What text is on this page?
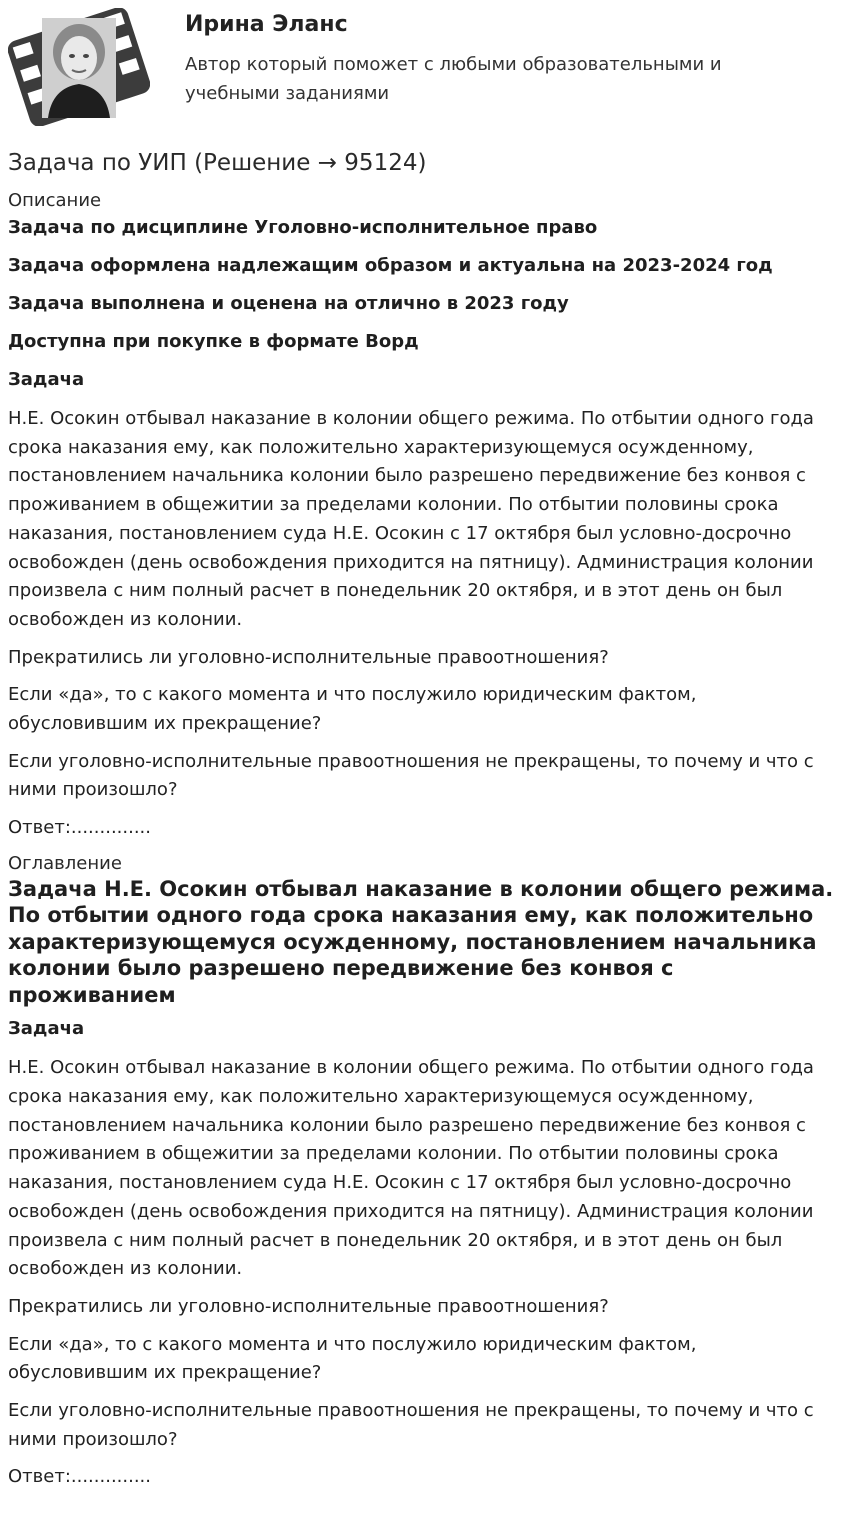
Ирина Эланс

Автор который поможет с любыми образовательными и учебными заданиями

Задача по УИП (Решение → 95124)

Описание

Задача по дисциплине Уголовно-исполнительное право

Задача оформлена надлежащим образом и актуальна на 2023-2024 год

Задача выполнена и оценена на отлично в 2023 году

Доступна при покупке в формате Ворд

Задача

Н.Е. Осокин отбывал наказание в колонии общего режима. По отбытии одного года срока наказания ему, как положительно характеризующемуся осужденному, постановлением начальника колонии было разрешено передвижение без конвоя с проживанием в общежитии за пределами колонии. По отбытии половины срока наказания, постановлением суда Н.Е. Осокин с 17 октября был условно-досрочно освобожден (день освобождения приходится на пятницу). Администрация колонии произвела с ним полный расчет в понедельник 20 октября, и в этот день он был освобожден из колонии.

Прекратились ли уголовно-исполнительные правоотношения?

Если «да», то с какого момента и что послужило юридическим фактом, обусловившим их прекращение?

Если уголовно-исполнительные правоотношения не прекращены, то почему и что с ними произошло?

Ответ:..............

Оглавление

Задача Н.Е. Осокин отбывал наказание в колонии общего режима. По отбытии одного года срока наказания ему, как положительно характеризующемуся осужденному, постановлением начальника колонии было разрешено передвижение без конвоя с проживанием

Задача

Н.Е. Осокин отбывал наказание в колонии общего режима. По отбытии одного года срока наказания ему, как положительно характеризующемуся осужденному, постановлением начальника колонии было разрешено передвижение без конвоя с проживанием в общежитии за пределами колонии. По отбытии половины срока наказания, постановлением суда Н.Е. Осокин с 17 октября был условно-досрочно освобожден (день освобождения приходится на пятницу). Администрация колонии произвела с ним полный расчет в понедельник 20 октября, и в этот день он был освобожден из колонии.

Прекратились ли уголовно-исполнительные правоотношения?

Если «да», то с какого момента и что послужило юридическим фактом, обусловившим их прекращение?

Если уголовно-исполнительные правоотношения не прекращены, то почему и что с ними произошло?

Ответ:..............
